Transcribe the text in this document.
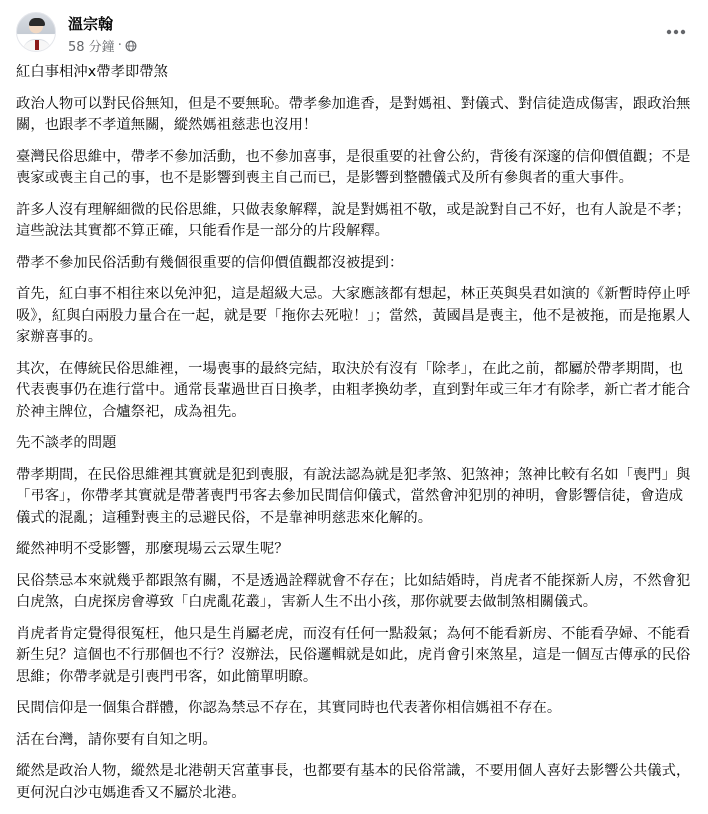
溫宗翰
58 分鐘 ·

紅白事相沖x帶孝即帶煞

政治人物可以對民俗無知，但是不要無恥。帶孝參加進香，是對媽祖、對儀式、對信徒造成傷害，跟政治無關，也跟孝不孝道無關，縱然媽祖慈悲也沒用！

臺灣民俗思維中，帶孝不參加活動，也不參加喜事，是很重要的社會公約，背後有深邃的信仰價值觀；不是喪家或喪主自己的事，也不是影響到喪主自己而已，是影響到整體儀式及所有參與者的重大事件。

許多人沒有理解細微的民俗思維，只做表象解釋，說是對媽祖不敬，或是說對自己不好，也有人說是不孝；這些說法其實都不算正確，只能看作是一部分的片段解釋。

帶孝不參加民俗活動有幾個很重要的信仰價值觀都沒被提到：

首先，紅白事不相往來以免沖犯，這是超級大忌。大家應該都有想起，林正英與吳君如演的《新暫時停止呼吸》，紅與白兩股力量合在一起，就是要「拖你去死啦！」；當然，黃國昌是喪主，他不是被拖，而是拖累人家辦喜事的。

其次，在傳統民俗思維裡，一場喪事的最終完結，取決於有沒有「除孝」，在此之前，都屬於帶孝期間，也代表喪事仍在進行當中。通常長輩過世百日換孝，由粗孝換幼孝，直到對年或三年才有除孝，新亡者才能合於神主牌位，合爐祭祀，成為祖先。

先不談孝的問題

帶孝期間，在民俗思維裡其實就是犯到喪服，有說法認為就是犯孝煞、犯煞神；煞神比較有名如「喪門」與「弔客」，你帶孝其實就是帶著喪門弔客去參加民間信仰儀式，當然會沖犯別的神明，會影響信徒，會造成儀式的混亂；這種對喪主的忌避民俗，不是靠神明慈悲來化解的。

縱然神明不受影響，那麼現場云云眾生呢？

民俗禁忌本來就幾乎都跟煞有關，不是透過詮釋就會不存在；比如結婚時，肖虎者不能探新人房，不然會犯白虎煞，白虎探房會導致「白虎亂花叢」，害新人生不出小孩，那你就要去做制煞相關儀式。

肖虎者肯定覺得很冤枉，他只是生肖屬老虎，而沒有任何一點殺氣；為何不能看新房、不能看孕婦、不能看新生兒？這個也不行那個也不行？沒辦法，民俗邏輯就是如此，虎肖會引來煞星，這是一個亙古傳承的民俗思維；你帶孝就是引喪門弔客，如此簡單明瞭。

民間信仰是一個集合群體，你認為禁忌不存在，其實同時也代表著你相信媽祖不存在。

活在台灣，請你要有自知之明。

縱然是政治人物，縱然是北港朝天宮董事長，也都要有基本的民俗常識，不要用個人喜好去影響公共儀式，更何況白沙屯媽進香又不屬於北港。
